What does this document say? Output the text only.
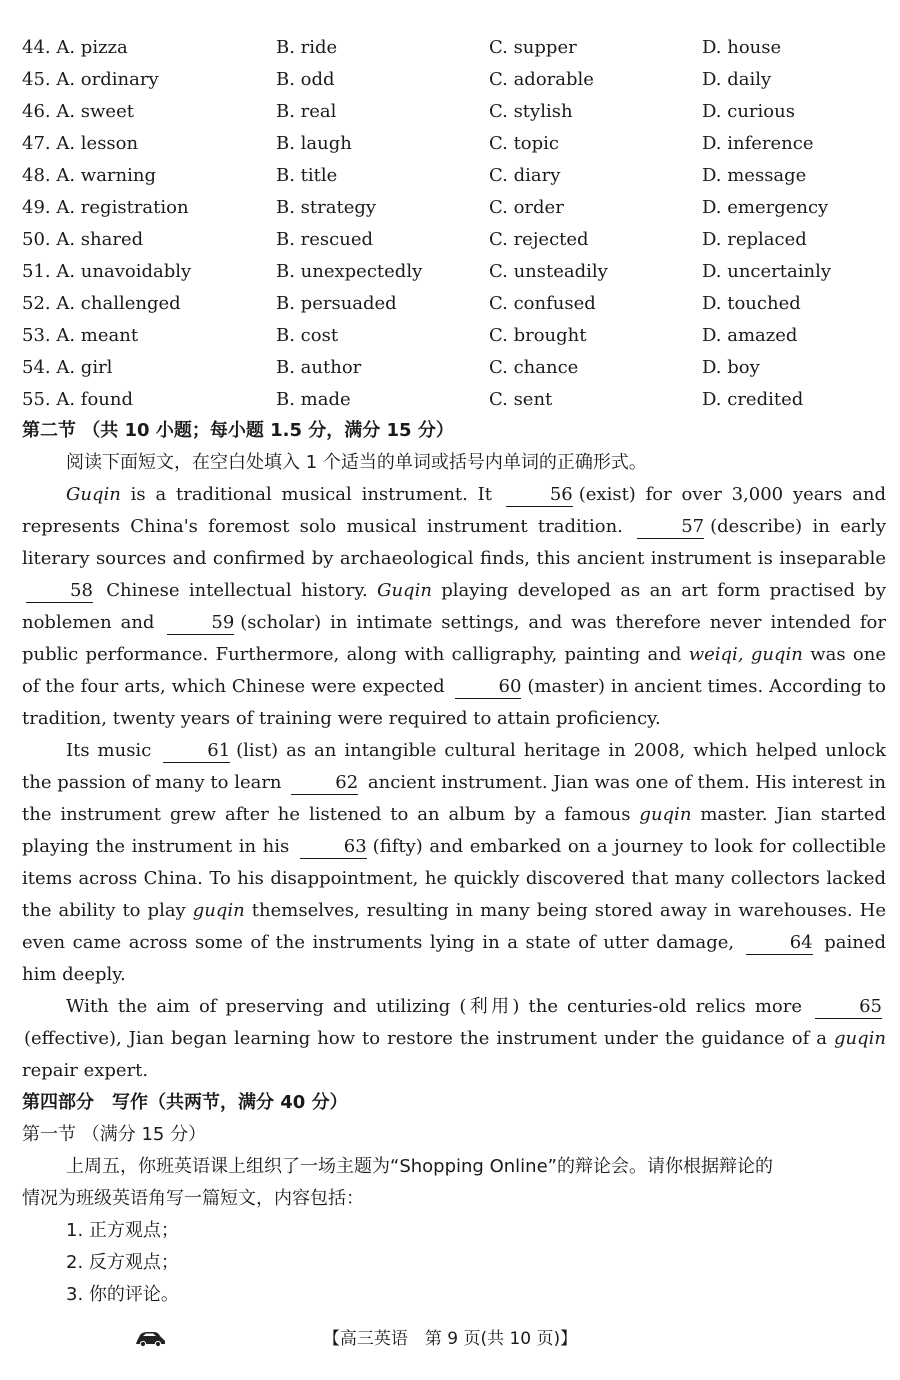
44. A. pizza	B. ride	C. supper	D. house
45. A. ordinary	B. odd	C. adorable	D. daily
46. A. sweet	B. real	C. stylish	D. curious
47. A. lesson	B. laugh	C. topic	D. inference
48. A. warning	B. title	C. diary	D. message
49. A. registration	B. strategy	C. order	D. emergency
50. A. shared	B. rescued	C. rejected	D. replaced
51. A. unavoidably	B. unexpectedly	C. unsteadily	D. uncertainly
52. A. challenged	B. persuaded	C. confused	D. touched
53. A. meant	B. cost	C. brought	D. amazed
54. A. girl	B. author	C. chance	D. boy
55. A. found	B. made	C. sent	D. credited
第二节 （共 10 小题；每小题 1.5 分，满分 15 分）
阅读下面短文，在空白处填入 1 个适当的单词或括号内单词的正确形式。
Guqin is a traditional musical instrument. It	56 (exist) for over 3,000 years and represents China's foremost solo musical instrument tradition.	57 (describe) in early literary sources and confirmed by archaeological finds, this ancient instrument is inseparable 58 Chinese intellectual history. Guqin playing developed as an art form practised by noblemen and	59 (scholar) in intimate settings, and was therefore never intended for public performance. Furthermore, along with calligraphy, painting and weiqi, guqin was one of the four arts, which Chinese were expected	60 (master) in ancient times. According to tradition, twenty years of training were required to attain proficiency.
Its music	61 (list) as an intangible cultural heritage in 2008, which helped unlock the passion of many to learn	62 ancient instrument. Jian was one of them. His interest in the instrument grew after he listened to an album by a famous guqin master. Jian started playing the instrument in his	63 (fifty) and embarked on a journey to look for collectible items across China. To his disappointment, he quickly discovered that many collectors lacked the ability to play guqin themselves, resulting in many being stored away in warehouses. He even came across some of the instruments lying in a state of utter damage,	64 pained him deeply.
With the aim of preserving and utilizing (利用) the centuries-old relics more	65(effective), Jian began learning how to restore the instrument under the guidance of a guqin repair expert.
第四部分　写作（共两节，满分 40 分）
第一节 （满分 15 分）
上周五，你班英语课上组织了一场主题为“Shopping Online”的辩论会。请你根据辩论的
情况为班级英语角写一篇短文，内容包括：
1. 正方观点；
2. 反方观点；
3. 你的评论。
【高三英语　第 9 页(共 10 页)】
